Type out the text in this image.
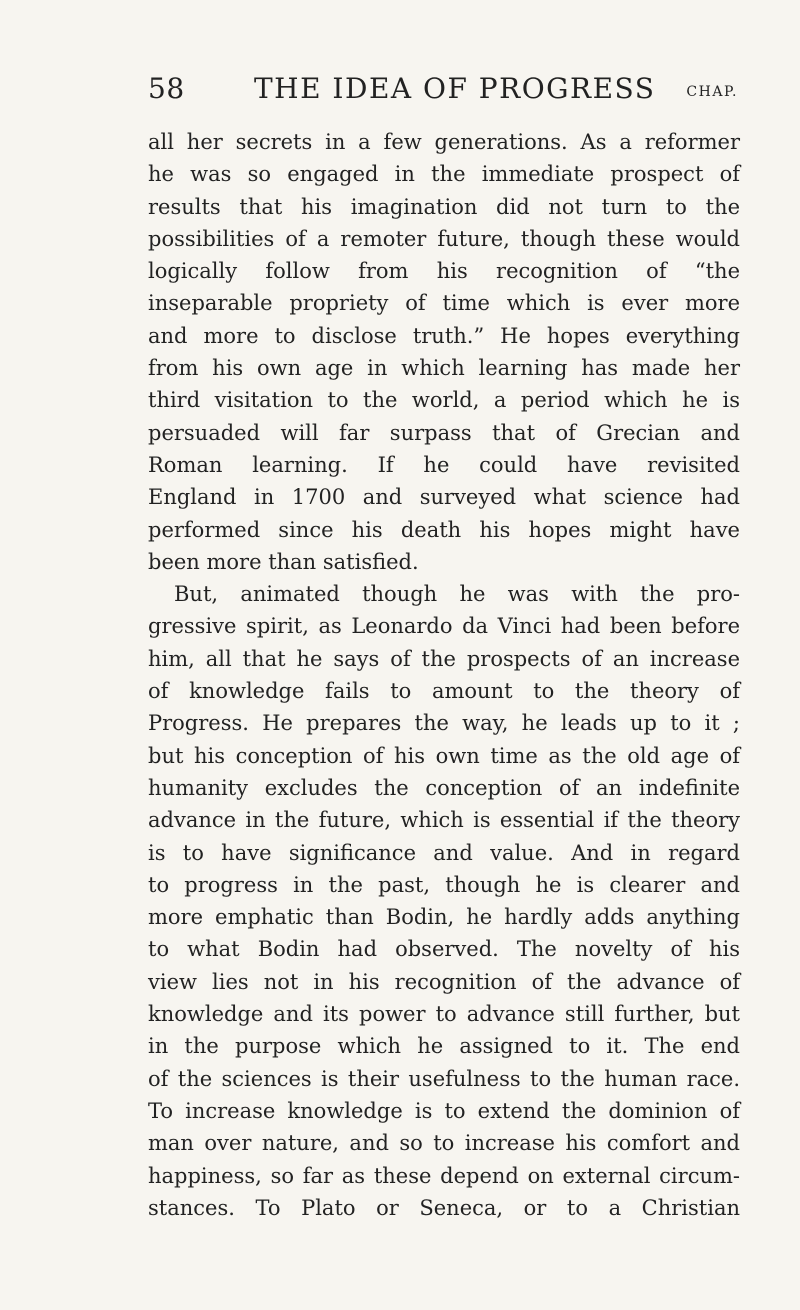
58 THE IDEA OF PROGRESS CHAP.
all her secrets in a few generations. As a reformer
he was so engaged in the immediate prospect of
results that his imagination did not turn to the
possibilities of a remoter future, though these would
logically follow from his recognition of “the
inseparable propriety of time which is ever more
and more to disclose truth.” He hopes everything
from his own age in which learning has made her
third visitation to the world, a period which he is
persuaded will far surpass that of Grecian and
Roman learning. If he could have revisited
England in 1700 and surveyed what science had
performed since his death his hopes might have
been more than satisfied.
But, animated though he was with the pro-
gressive spirit, as Leonardo da Vinci had been before
him, all that he says of the prospects of an increase
of knowledge fails to amount to the theory of
Progress. He prepares the way, he leads up to it ;
but his conception of his own time as the old age of
humanity excludes the conception of an indefinite
advance in the future, which is essential if the theory
is to have significance and value. And in regard
to progress in the past, though he is clearer and
more emphatic than Bodin, he hardly adds anything
to what Bodin had observed. The novelty of his
view lies not in his recognition of the advance of
knowledge and its power to advance still further, but
in the purpose which he assigned to it. The end
of the sciences is their usefulness to the human race.
To increase knowledge is to extend the dominion of
man over nature, and so to increase his comfort and
happiness, so far as these depend on external circum-
stances. To Plato or Seneca, or to a Christian
